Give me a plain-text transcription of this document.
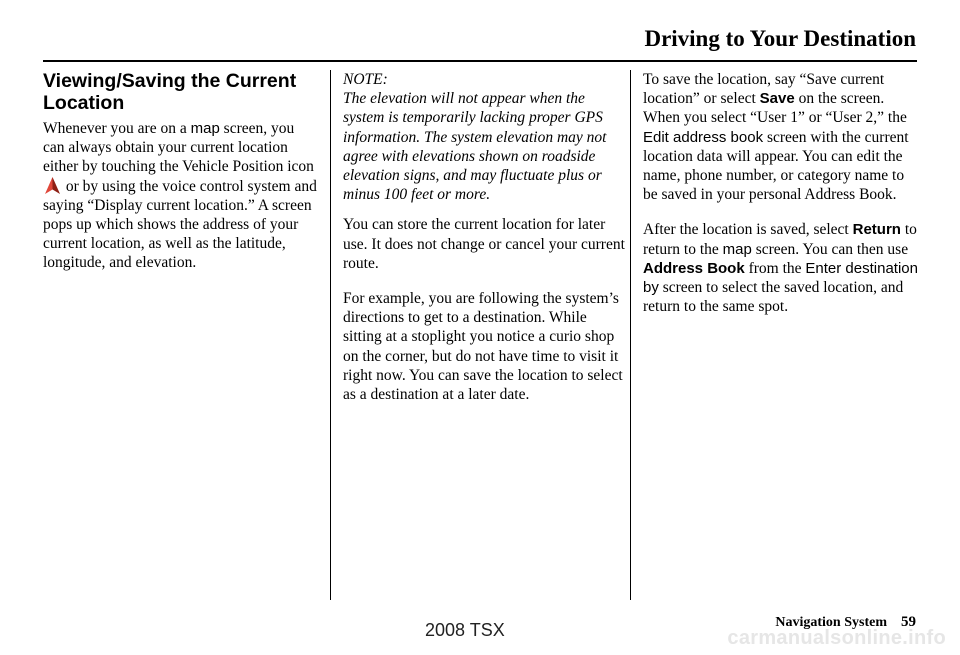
Driving to Your Destination
Viewing/Saving the Current Location

Whenever you are on a map screen, you can always obtain your current location either by touching the Vehicle Position icon  or by using the voice control system and saying “Display current location.” A screen pops up which shows the address of your current location, as well as the latitude, longitude, and elevation.

NOTE:
The elevation will not appear when the system is temporarily lacking proper GPS information. The system elevation may not agree with elevations shown on roadside elevation signs, and may fluctuate plus or minus 100 feet or more.

You can store the current location for later use. It does not change or cancel your current route.

For example, you are following the system’s directions to get to a destination. While sitting at a stoplight you notice a curio shop on the corner, but do not have time to visit it right now. You can save the location to select as a destination at a later date.

To save the location, say “Save current location” or select Save on the screen. When you select “User 1” or “User 2,” the Edit address book screen with the current location data will appear. You can edit the name, phone number, or category name to be saved in your personal Address Book.

After the location is saved, select Return to return to the map screen. You can then use Address Book from the Enter destination by screen to select the saved location, and return to the same spot.

Navigation System 59
2008 TSX	carmanualsonline.info
